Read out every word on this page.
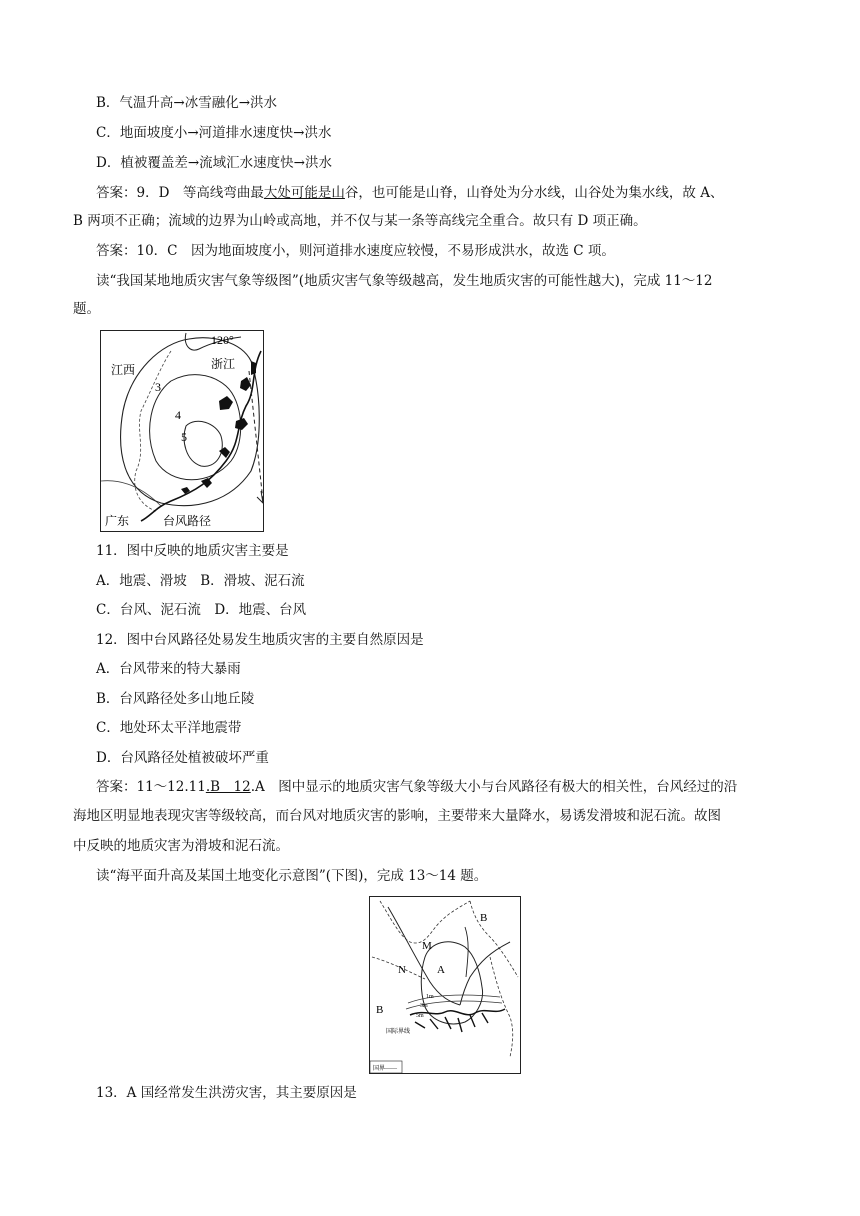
B．气温升高→冰雪融化→洪水
C．地面坡度小→河道排水速度快→洪水
D．植被覆盖差→流域汇水速度快→洪水
答案：9．D　等高线弯曲最大处可能是山谷，也可能是山脊，山脊处为分水线，山谷处为集水线，故 A、
B 两项不正确；流域的边界为山岭或高地，并不仅与某一条等高线完全重合。故只有 D 项正确。
答案：10．C　因为地面坡度小，则河道排水速度应较慢，不易形成洪水，故选 C 项。
读“我国某地地质灾害气象等级图”(地质灾害气象等级越高，发生地质灾害的可能性越大)，完成 11～12
题。
120°
浙江
江西
3
4
5
广东	台风路径
11．图中反映的地质灾害主要是
A．地震、滑坡　B．滑坡、泥石流
C．台风、泥石流　D．地震、台风
12．图中台风路径处易发生地质灾害的主要自然原因是
A．台风带来的特大暴雨
B．台风路径处多山地丘陵
C．地处环太平洋地震带
D．台风路径处植被破坏严重
答案：11～12.11.B　12.A　图中显示的地质灾害气象等级大小与台风路径有极大的相关性，台风经过的沿
海地区明显地表现灾害等级较高，而台风对地质灾害的影响，主要带来大量降水，易诱发滑坡和泥石流。故图
中反映的地质灾害为滑坡和泥石流。
读“海平面升高及某国土地变化示意图”(下图)，完成 13～14 题。
B
M
N	A
B
1m
3m
5m
国际界线
国界——
13．A 国经常发生洪涝灾害，其主要原因是
